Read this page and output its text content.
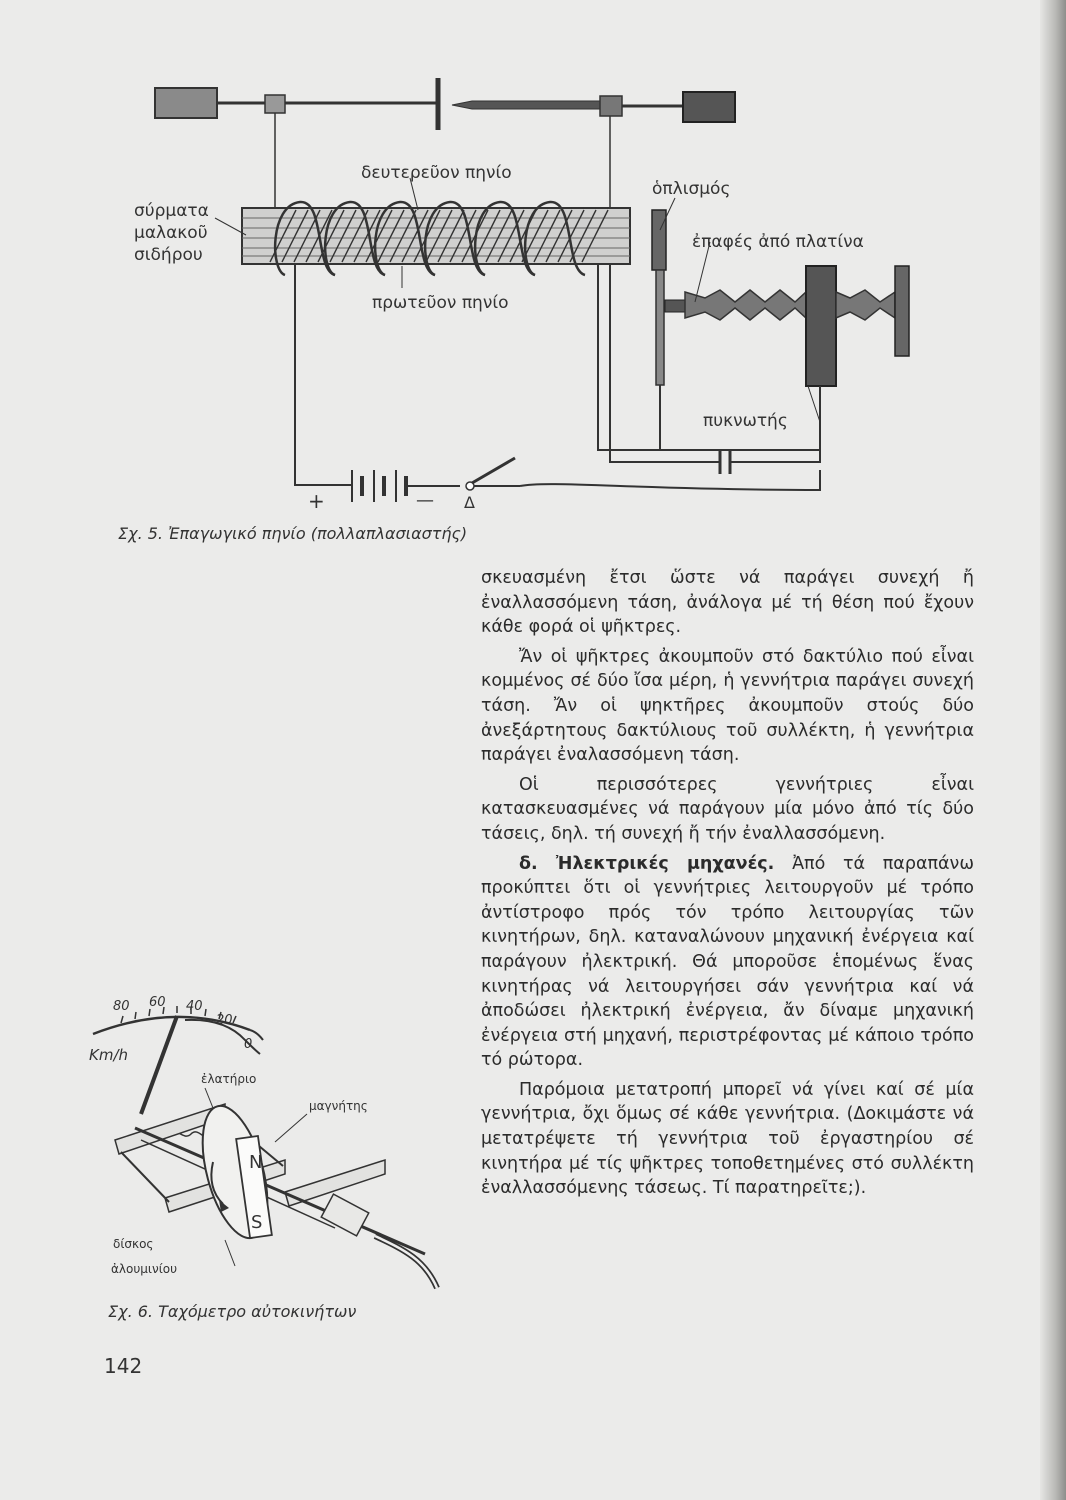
δευτερεῦον πηνίο
σύρματα
μαλακοῦ
σιδήρου
ὁπλισμός
ἐπαφές ἀπό πλατίνα
πρωτεῦον πηνίο
πυκνωτής
+	— Δ
Σχ. 5. Ἐπαγωγικό πηνίο (πολλαπλασιαστής)
80 60 40
20
0
Km/h
N
S
ἐλατήριο
μαγνήτης
δίσκος
ἀλουμινίου
Σχ. 6. Ταχόμετρο αὐτοκινήτων

σκευασμένη ἔτσι ὥστε νά παράγει συνεχή ἤ ἐναλλασσόμενη τάση, ἀνάλογα μέ τή θέση πού ἔχουν κάθε φορά οἱ ψῆκτρες.

Ἄν οἱ ψῆκτρες ἀκουμποῦν στό δακτύλιο πού εἶναι κομμένος σέ δύο ἴσα μέρη, ἡ γεννήτρια παράγει συνεχή τάση. Ἄν οἱ ψηκτῆρες ἀκουμποῦν στούς δύο ἀνεξάρτητους δακτύλιους τοῦ συλλέκτη, ἡ γεννήτρια παράγει ἐναλασσόμενη τάση.

Οἱ περισσότερες γεννήτριες εἶναι κατασκευασμένες νά παράγουν μία μόνο ἀπό τίς δύο τάσεις, δηλ. τή συνεχή ἤ τήν ἐναλλασσόμενη.

δ. Ἠλεκτρικές μηχανές. Ἀπό τά παραπάνω προκύπτει ὅτι οἱ γεννήτριες λειτουργοῦν μέ τρόπο ἀντίστροφο πρός τόν τρόπο λειτουργίας τῶν κινητήρων, δηλ. καταναλώνουν μηχανική ἐνέργεια καί παράγουν ἠλεκτρική. Θά μποροῦσε ἑπομένως ἕνας κινητήρας νά λειτουργήσει σάν γεννήτρια καί νά ἀποδώσει ἠλεκτρική ἐνέργεια, ἄν δίναμε μηχανική ἐνέργεια στή μηχανή, περιστρέφοντας μέ κάποιο τρόπο τό ρώτορα.

Παρόμοια μετατροπή μπορεῖ νά γίνει καί σέ μία γεννήτρια, ὄχι ὅμως σέ κάθε γεννήτρια. (Δοκιμάστε νά μετατρέψετε τή γεννήτρια τοῦ ἐργαστηρίου σέ κινητήρα μέ τίς ψῆκτρες τοποθετημένες στό συλλέκτη ἐναλλασσόμενης τάσεως. Τί παρατηρεῖτε;).

142
